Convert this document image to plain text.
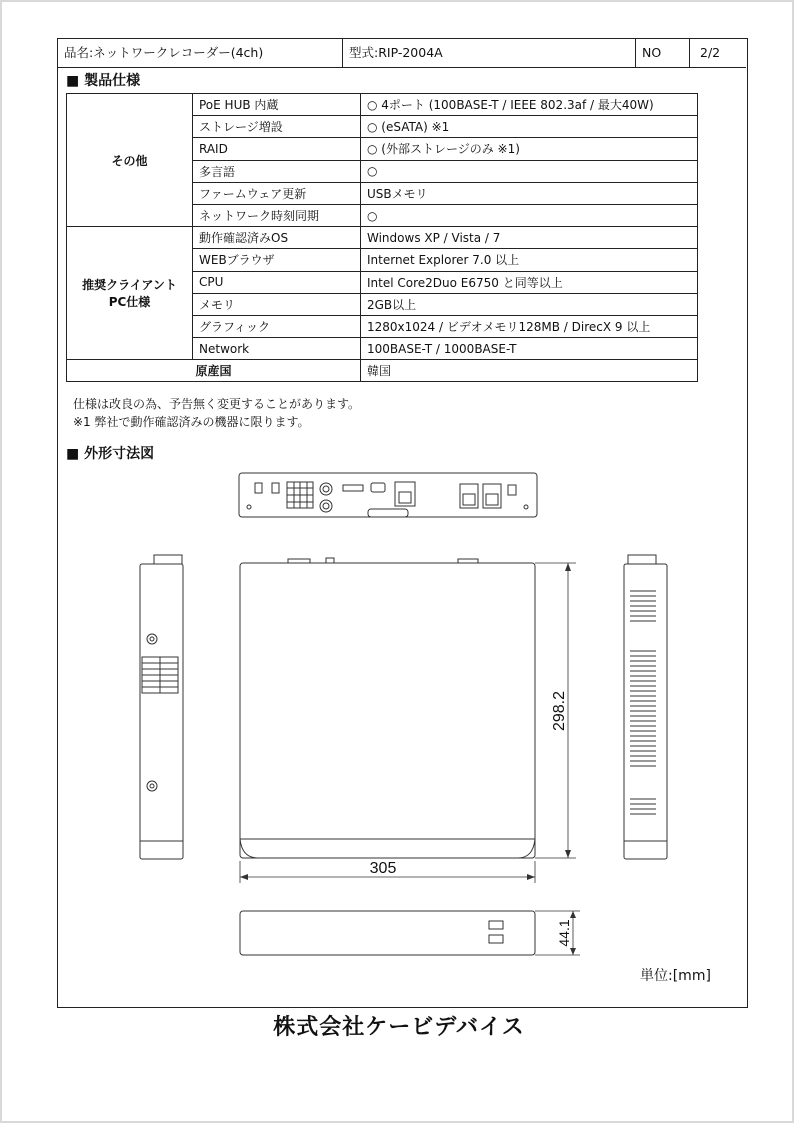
品名:ネットワークレコーダー(4ch)	型式:RIP-2004A	NO	2/2
■ 製品仕様
その他	PoE HUB 内蔵	○ 4ポート (100BASE-T / IEEE 802.3af / 最大40W)
	ストレージ増設	○ (eSATA) ※1
	RAID	○ (外部ストレージのみ ※1)
	多言語	○
	ファームウェア更新	USBメモリ
	ネットワーク時刻同期	○
推奨クライアント
PC仕様	動作確認済みOS	Windows XP / Vista / 7
	WEBブラウザ	Internet Explorer 7.0 以上
	CPU	Intel Core2Duo E6750 と同等以上
	メモリ	2GB以上
	グラフィック	1280x1024 / ビデオメモリ128MB / DirecX 9 以上
	Network	100BASE-T / 1000BASE-T
原産国		韓国
仕様は改良の為、予告無く変更することがあります。
※1 弊社で動作確認済みの機器に限ります。
■ 外形寸法図
298.2
305
44.1
単位:[mm]
株式会社ケービデバイス
